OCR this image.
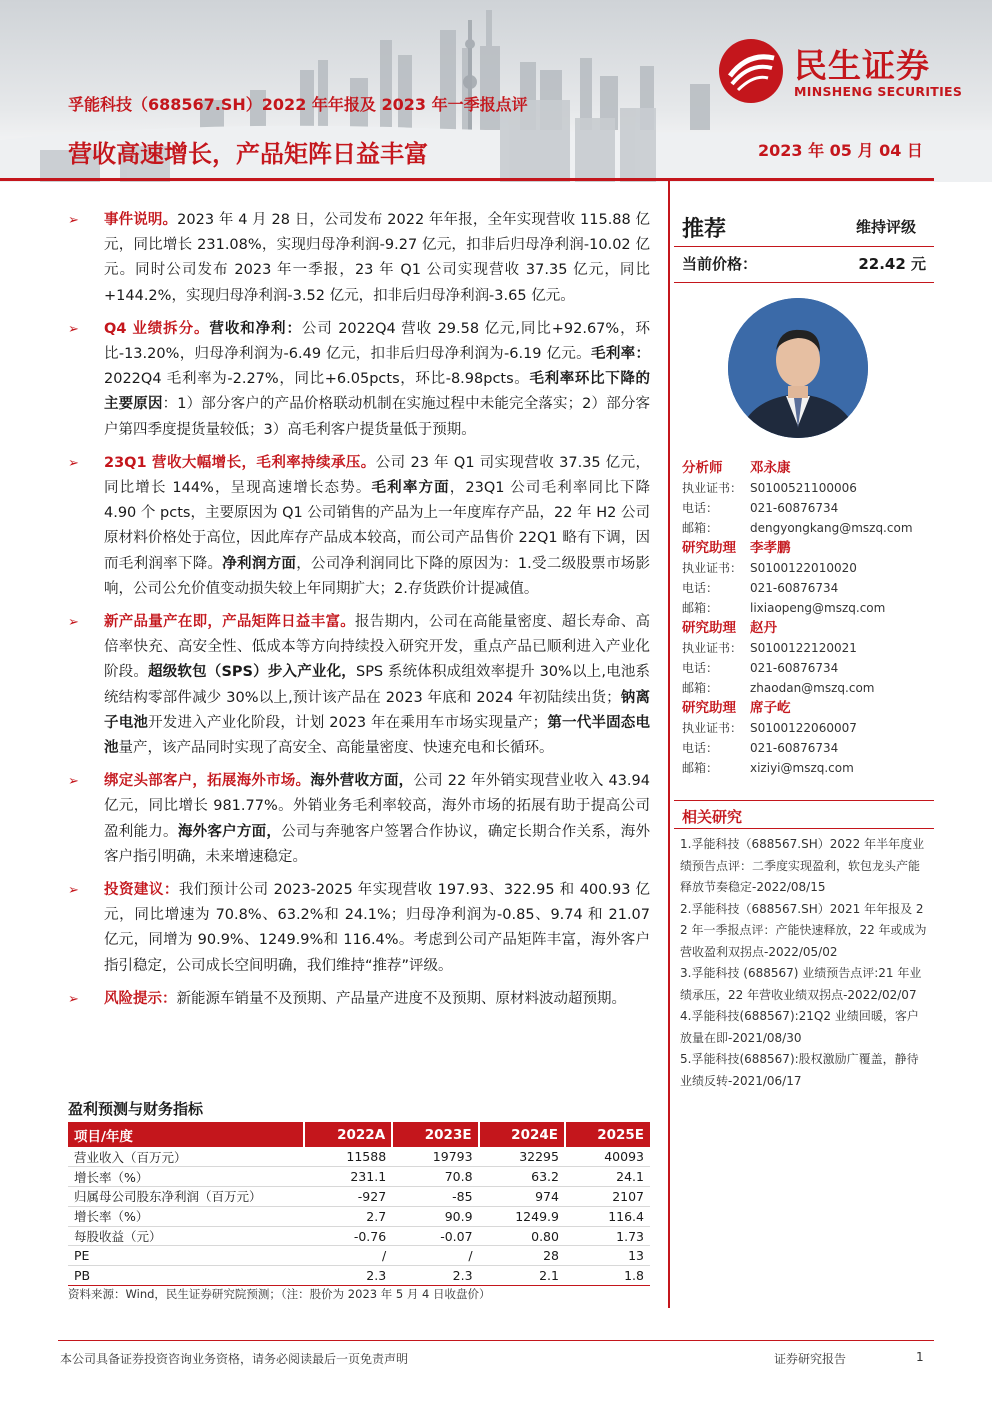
民生证券
MINSHENG SECURITIES
孚能科技（688567.SH）2022 年年报及 2023 年一季报点评
营收高速增长，产品矩阵日益丰富	2023 年 05 月 04 日
➢ 事件说明。2023 年 4 月 28 日，公司发布 2022 年年报，全年实现营收 115.88 亿元，同比增长 231.08%，实现归母净利润-9.27 亿元，扣非后归母净利润-10.02 亿元。同时公司发布 2023 年一季报，23 年 Q1 公司实现营收 37.35 亿元，同比+144.2%，实现归母净利润-3.52 亿元，扣非后归母净利润-3.65 亿元。
➢ Q4 业绩拆分。营收和净利：公司 2022Q4 营收 29.58 亿元,同比+92.67%，环比-13.20%，归母净利润为-6.49 亿元，扣非后归母净利润为-6.19 亿元。毛利率：2022Q4 毛利率为-2.27%，同比+6.05pcts，环比-8.98pcts。毛利率环比下降的主要原因：1）部分客户的产品价格联动机制在实施过程中未能完全落实；2）部分客户第四季度提货量较低；3）高毛利客户提货量低于预期。
➢ 23Q1 营收大幅增长，毛利率持续承压。公司 23 年 Q1 司实现营收 37.35 亿元，同比增长 144%，呈现高速增长态势。毛利率方面，23Q1 公司毛利率同比下降 4.90 个 pcts，主要原因为 Q1 公司销售的产品为上一年度库存产品，22 年 H2 公司原材料价格处于高位，因此库存产品成本较高，而公司产品售价 22Q1 略有下调，因而毛利润率下降。净利润方面，公司净利润同比下降的原因为：1.受二级股票市场影响，公司公允价值变动损失较上年同期扩大；2.存货跌价计提减值。
➢ 新产品量产在即，产品矩阵日益丰富。报告期内，公司在高能量密度、超长寿命、高倍率快充、高安全性、低成本等方向持续投入研究开发，重点产品已顺利进入产业化阶段。超级软包（SPS）步入产业化，SPS 系统体积成组效率提升 30%以上,电池系统结构零部件减少 30%以上,预计该产品在 2023 年底和 2024 年初陆续出货；钠离子电池开发进入产业化阶段，计划 2023 年在乘用车市场实现量产；第一代半固态电池量产，该产品同时实现了高安全、高能量密度、快速充电和长循环。
➢ 绑定头部客户，拓展海外市场。海外营收方面，公司 22 年外销实现营业收入 43.94 亿元，同比增长 981.77%。外销业务毛利率较高，海外市场的拓展有助于提高公司盈利能力。海外客户方面，公司与奔驰客户签署合作协议，确定长期合作关系，海外客户指引明确，未来增速稳定。
➢ 投资建议：我们预计公司 2023-2025 年实现营收 197.93、322.95 和 400.93 亿元，同比增速为 70.8%、63.2%和 24.1%；归母净利润为-0.85、9.74 和 21.07 亿元，同增为 90.9%、1249.9%和 116.4%。考虑到公司产品矩阵丰富，海外客户指引稳定，公司成长空间明确，我们维持“推荐”评级。
➢ 风险提示：新能源车销量不及预期、产品量产进度不及预期、原材料波动超预期。
盈利预测与财务指标
项目/年度	2022A	2023E	2024E	2025E
营业收入（百万元）	11588	19793	32295	40093
增长率（%）	231.1	70.8	63.2	24.1
归属母公司股东净利润（百万元）	-927	-85	974	2107
增长率（%）	2.7	90.9	1249.9	116.4
每股收益（元）	-0.76	-0.07	0.80	1.73
PE	/	/	28	13
PB	2.3	2.3	2.1	1.8
资料来源：Wind，民生证券研究院预测；（注：股价为 2023 年 5 月 4 日收盘价）
推荐	维持评级
当前价格：	22.42 元
分析师 邓永康
执业证书： S0100521100006
电话：	021-60876734
邮箱：	dengyongkang@mszq.com
研究助理 李孝鹏
执业证书： S0100122010020
电话：	021-60876734
邮箱：	lixiaopeng@mszq.com
研究助理 赵丹
执业证书： S0100122120021
电话：	021-60876734
邮箱：	zhaodan@mszq.com
研究助理 席子屹
执业证书： S0100122060007
电话：	021-60876734
邮箱：	xiziyi@mszq.com
相关研究
1.孚能科技（688567.SH）2022 年半年度业绩预告点评：二季度实现盈利，软包龙头产能释放节奏稳定-2022/08/15
2.孚能科技（688567.SH）2021 年年报及 2 2 年一季报点评：产能快速释放，22 年或成为营收盈利双拐点-2022/05/02
3.孚能科技 (688567) 业绩预告点评:21 年业绩承压，22 年营收业绩双拐点-2022/02/07
4.孚能科技(688567):21Q2 业绩回暖，客户放量在即-2021/08/30
5.孚能科技(688567):股权激励广覆盖，静待业绩反转-2021/06/17
本公司具备证券投资咨询业务资格，请务必阅读最后一页免责声明	证券研究报告	1
